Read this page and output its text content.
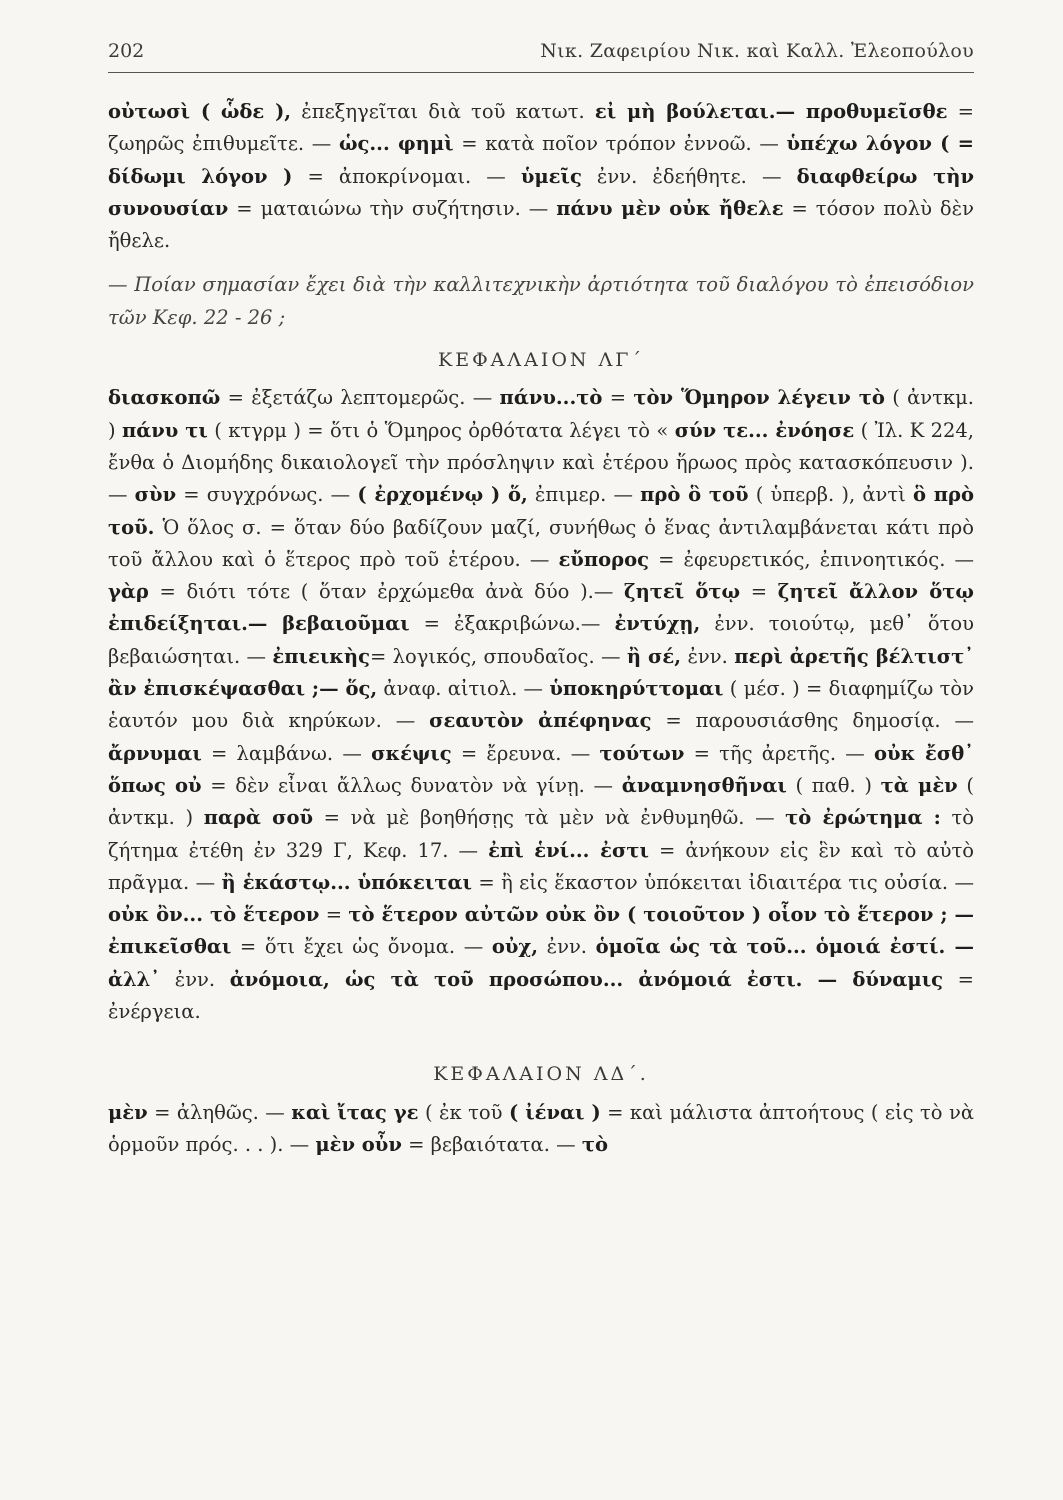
202	Νικ. Ζαφειρίου Νικ. καὶ Καλλ. Ἐλεοπούλου

οὐτωσὶ ( ὧδε ), ἐπεξηγεῖται διὰ τοῦ κατωτ. εἰ μὴ βούλεται.— προθυμεῖσθε = ζωηρῶς ἐπιθυμεῖτε. — ὡς... φημὶ = κατὰ ποῖον τρόπον ἐννοῶ. — ὑπέχω λόγον ( = δίδωμι λόγον ) = ἀποκρίνομαι. — ὑμεῖς ἐνν. ἐδεήθητε. — διαφθείρω τὴν συνουσίαν = ματαιώνω τὴν συζήτησιν. — πάνυ μὲν οὐκ ἤθελε = τόσον πολὺ δὲν ἤθελε.

— Ποίαν σημασίαν ἔχει διὰ τὴν καλλιτεχνικὴν ἀρτιότητα τοῦ διαλόγου τὸ ἐπεισόδιον τῶν Κεφ. 22 - 26 ;

ΚΕΦΑΛΑΙΟΝ ΛΓ΄

διασκοπῶ = ἐξετάζω λεπτομερῶς. — πάνυ...τὸ = τὸν Ὅμηρον λέγειν τὸ ( ἀντκμ. ) πάνυ τι ( κτγρμ ) = ὅτι ὁ Ὅμηρος ὀρθότατα λέγει τὸ « σύν τε... ἐνόησε ( Ἰλ. Κ 224, ἔνθα ὁ Διομήδης δικαιολογεῖ τὴν πρόσληψιν καὶ ἑτέρου ἥρωος πρὸς κατασκόπευσιν ). — σὺν = συγχρόνως. — ( ἐρχομένῳ ) ὅ, ἐπιμερ. — πρὸ ὃ τοῦ ( ὑπερβ. ), ἀντὶ ὃ πρὸ τοῦ. Ὁ ὅλος σ. = ὅταν δύο βαδίζουν μαζί, συνήθως ὁ ἕνας ἀντιλαμβάνεται κάτι πρὸ τοῦ ἄλλου καὶ ὁ ἕτερος πρὸ τοῦ ἑτέρου. — εὔπορος = ἐφευρετικός, ἐπινοητικός. — γὰρ = διότι τότε ( ὅταν ἐρχώμεθα ἀνὰ δύο ).— ζητεῖ ὅτῳ = ζητεῖ ἄλλον ὅτῳ ἐπιδείξηται.— βεβαιοῦμαι = ἐξακριβώνω.— ἐντύχῃ, ἐνν. τοιούτῳ, μεθ᾽ ὅτου βεβαιώσηται. — ἐπιεικὴς= λογικός, σπουδαῖος. — ἢ σέ, ἐνν. περὶ ἀρετῆς βέλτιστ᾽ ἂν ἐπισκέψασθαι ;— ὅς, ἀναφ. αἰτιολ. — ὑποκηρύττομαι ( μέσ. ) = διαφημίζω τὸν ἑαυτόν μου διὰ κηρύκων. — σεαυτὸν ἀπέφηνας = παρουσιάσθης δημοσίᾳ. — ἄρνυμαι = λαμβάνω. — σκέψις = ἔρευνα. — τούτων = τῆς ἀρετῆς. — οὐκ ἔσθ᾽ ὅπως οὐ = δὲν εἶναι ἄλλως δυνατὸν νὰ γίνῃ. — ἀναμνησθῆναι ( παθ. ) τὰ μὲν ( ἀντκμ. ) παρὰ σοῦ = νὰ μὲ βοηθήσῃς τὰ μὲν νὰ ἐνθυμηθῶ. — τὸ ἐρώτημα : τὸ ζήτημα ἐτέθη ἐν 329 Γ, Κεφ. 17. — ἐπὶ ἑνί... ἐστι = ἀνήκουν εἰς ἓν καὶ τὸ αὐτὸ πρᾶγμα. — ἢ ἑκάστῳ... ὑπόκειται = ἢ εἰς ἕκαστον ὑπόκειται ἰδιαιτέρα τις οὐσία. — οὐκ ὂν... τὸ ἕτερον = τὸ ἕτερον αὐτῶν οὐκ ὂν ( τοιοῦτον ) οἷον τὸ ἕτερον ; — ἐπικεῖσθαι = ὅτι ἔχει ὡς ὄνομα. — οὐχ, ἐνν. ὁμοῖα ὡς τὰ τοῦ... ὁμοιά ἐστί. — ἀλλ᾽ ἐνν. ἀνόμοια, ὡς τὰ τοῦ προσώπου... ἀνόμοιά ἐστι. — δύναμις = ἐνέργεια.

ΚΕΦΑΛΑΙΟΝ ΛΔ΄.

μὲν = ἀληθῶς. — καὶ ἴτας γε ( ἐκ τοῦ ( ἰέναι ) = καὶ μάλιστα ἀπτοήτους ( εἰς τὸ νὰ ὁρμοῦν πρός. . . ). — μὲν οὖν = βεβαιότατα. — τὸ
